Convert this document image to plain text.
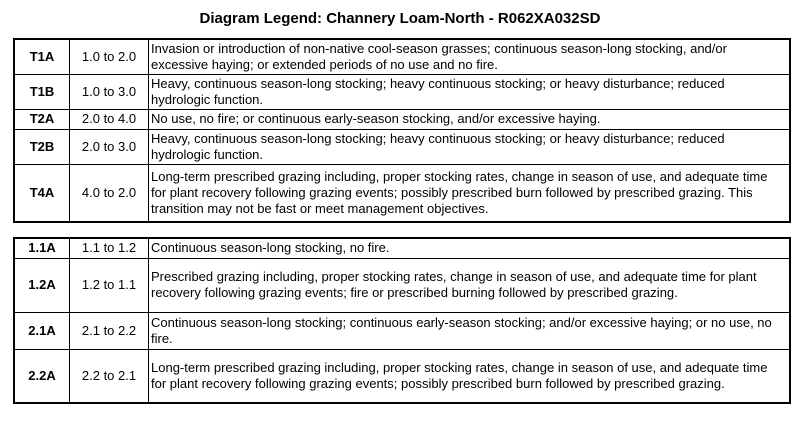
Diagram Legend: Channery Loam-North - R062XA032SD
T1A	1.0 to 2.0	Invasion or introduction of non-native cool-season grasses; continuous season-long stocking, and/or excessive haying; or extended periods of no use and no fire.
T1B	1.0 to 3.0	Heavy, continuous season-long stocking; heavy continuous stocking; or heavy disturbance; reduced hydrologic function.
T2A	2.0 to 4.0	No use, no fire; or continuous early-season stocking, and/or excessive haying.
T2B	2.0 to 3.0	Heavy, continuous season-long stocking; heavy continuous stocking; or heavy disturbance; reduced hydrologic function.
T4A	4.0 to 2.0	Long-term prescribed grazing including, proper stocking rates, change in season of use, and adequate time for plant recovery following grazing events; possibly prescribed burn followed by prescribed grazing. This transition may not be fast or meet management objectives.
1.1A	1.1 to 1.2	Continuous season-long stocking, no fire.
1.2A	1.2 to 1.1	Prescribed grazing including, proper stocking rates, change in season of use, and adequate time for plant recovery following grazing events; fire or prescribed burning followed by prescribed grazing.
2.1A	2.1 to 2.2	Continuous season-long stocking; continuous early-season stocking; and/or excessive haying; or no use, no fire.
2.2A	2.2 to 2.1	Long-term prescribed grazing including, proper stocking rates, change in season of use, and adequate time for plant recovery following grazing events; possibly prescribed burn followed by prescribed grazing.
